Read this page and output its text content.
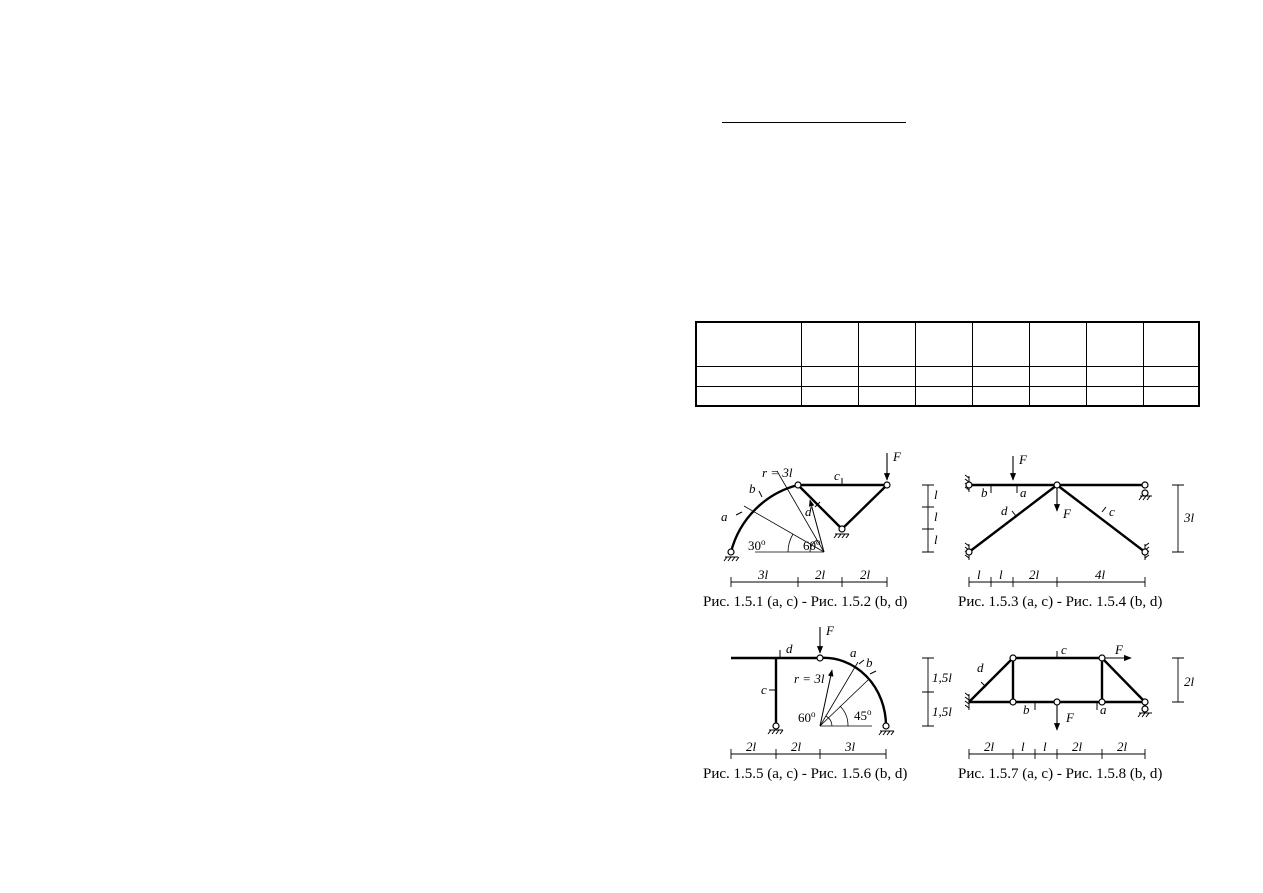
F
r = 3l
a
b
c
d
30$^o$	60$^o$
3l	2l	2l
l
l
l
F
F
b	a
d	c
l l 2l	4l
3l
F
r = 3l
d	a
b
c
60$^o$	45$^o$
2l	2l	3l
1,5l
1,5l
F
F
d
c
b	a
2l l l 2l	2l
2l
Рис. 1.5.1 (a, c) - Рис. 1.5.2 (b, d)	Рис. 1.5.3 (a, c) - Рис. 1.5.4 (b, d)
Рис. 1.5.5 (a, c) - Рис. 1.5.6 (b, d)	Рис. 1.5.7 (a, c) - Рис. 1.5.8 (b, d)
